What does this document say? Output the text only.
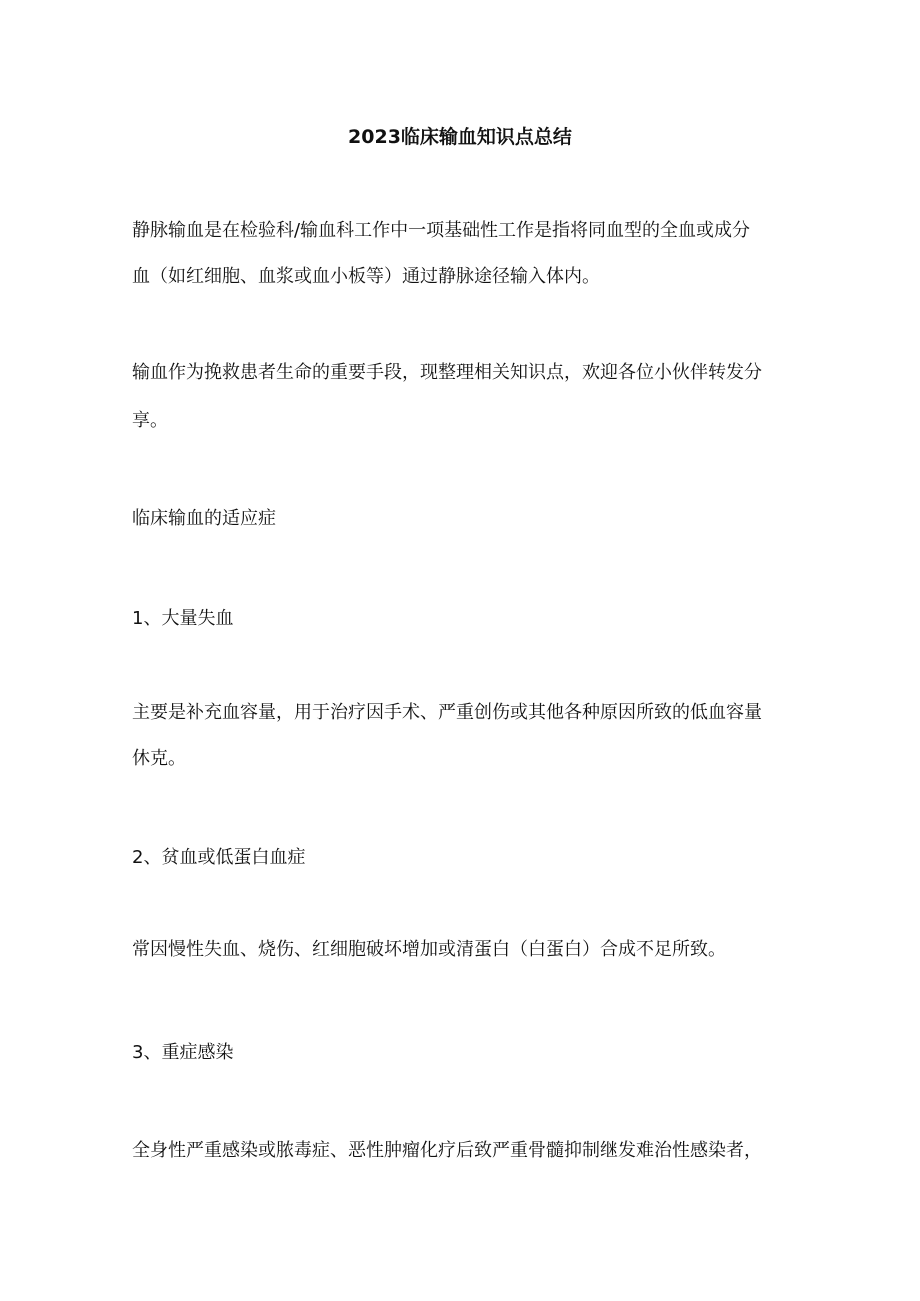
2023临床输血知识点总结
静脉输血是在检验科/输血科工作中一项基础性工作是指将同血型的全血或成分
血（如红细胞、血浆或血小板等）通过静脉途径输入体内。
输血作为挽救患者生命的重要手段，现整理相关知识点，欢迎各位小伙伴转发分
享。
临床输血的适应症
1、大量失血
主要是补充血容量，用于治疗因手术、严重创伤或其他各种原因所致的低血容量
休克。
2、贫血或低蛋白血症
常因慢性失血、烧伤、红细胞破坏增加或清蛋白（白蛋白）合成不足所致。
3、重症感染
全身性严重感染或脓毒症、恶性肿瘤化疗后致严重骨髓抑制继发难治性感染者，
